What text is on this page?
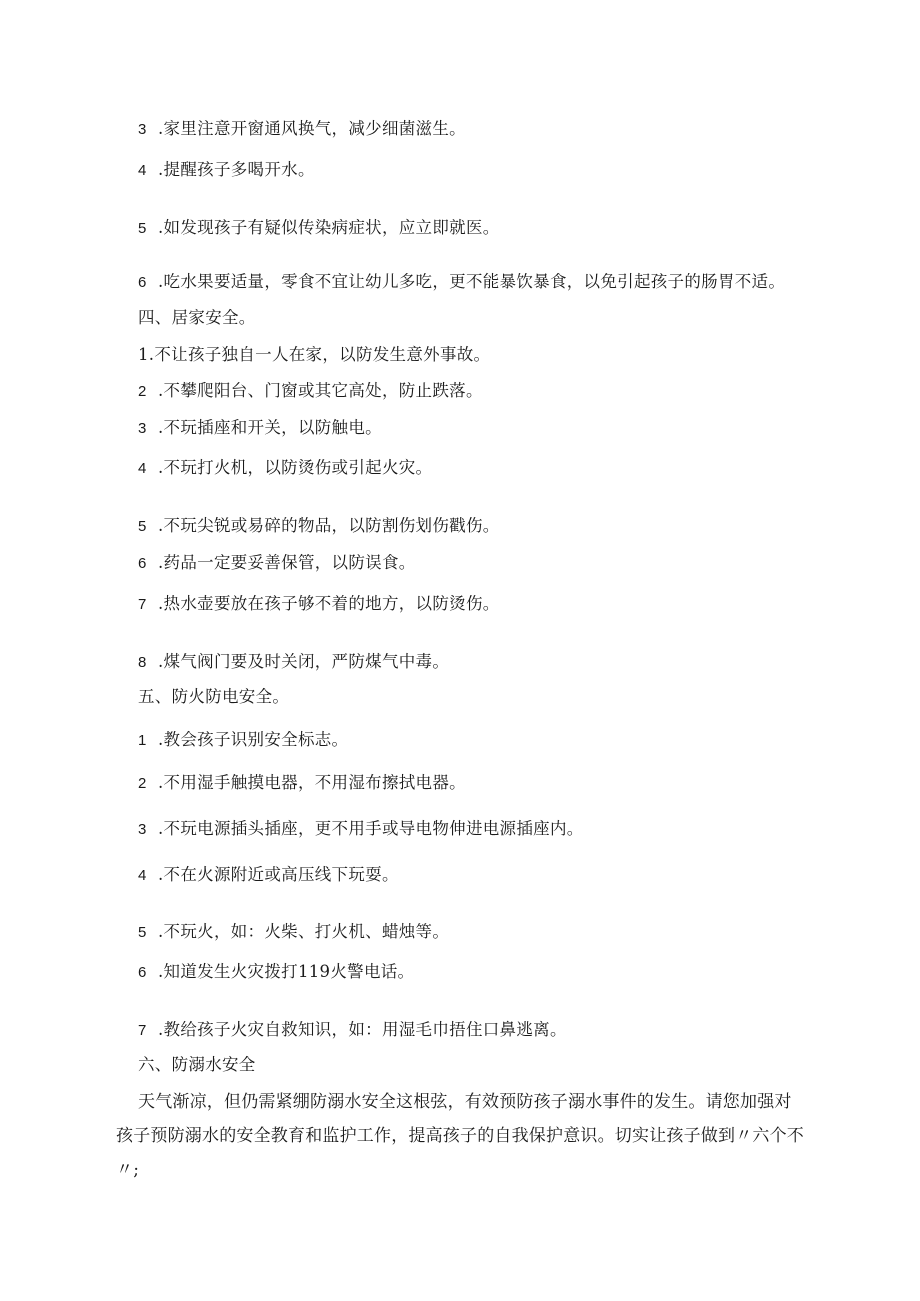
3 .家里注意开窗通风换气，减少细菌滋生。
4 .提醒孩子多喝开水。
5 .如发现孩子有疑似传染病症状，应立即就医。
6 .吃水果要适量，零食不宜让幼儿多吃，更不能暴饮暴食，以免引起孩子的肠胃不适。
四、居家安全。
1.不让孩子独自一人在家，以防发生意外事故。
2 .不攀爬阳台、门窗或其它高处，防止跌落。
3 .不玩插座和开关，以防触电。
4 .不玩打火机，以防烫伤或引起火灾。
5 .不玩尖锐或易碎的物品，以防割伤划伤戳伤。
6 .药品一定要妥善保管，以防误食。
7 .热水壶要放在孩子够不着的地方，以防烫伤。
8 .煤气阀门要及时关闭，严防煤气中毒。
五、防火防电安全。
1 .教会孩子识别安全标志。
2 .不用湿手触摸电器，不用湿布擦拭电器。
3 .不玩电源插头插座，更不用手或导电物伸进电源插座内。
4 .不在火源附近或高压线下玩耍。
5 .不玩火，如：火柴、打火机、蜡烛等。
6 .知道发生火灾拨打119火警电话。
7 .教给孩子火灾自救知识，如：用湿毛巾捂住口鼻逃离。
六、防溺水安全
天气渐凉，但仍需紧绷防溺水安全这根弦，有效预防孩子溺水事件的发生。请您加强对孩子预防溺水的安全教育和监护工作，提高孩子的自我保护意识。切实让孩子做到〃六个不〃;
